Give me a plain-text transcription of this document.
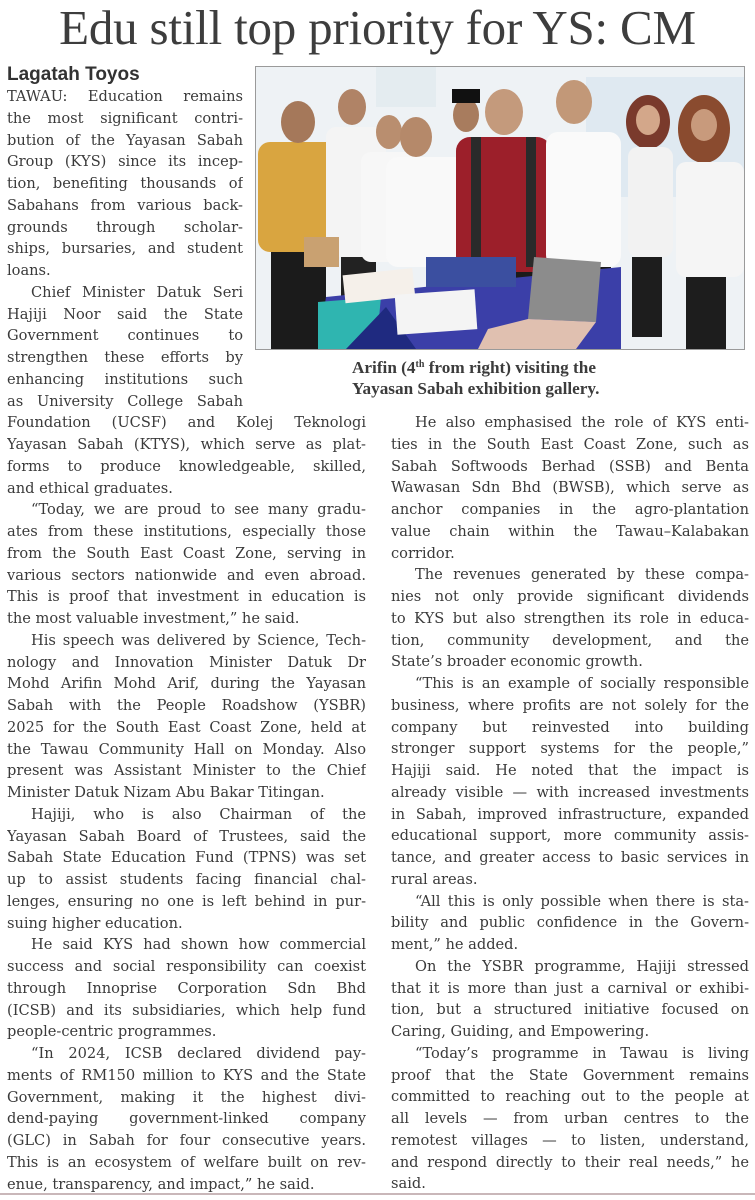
Edu still top priority for YS: CM
Lagatah Toyos
Arifin (4th from right) visiting the
Yayasan Sabah exhibition gallery.
TAWAU: Education remains
the most significant contri-
bution of the Yayasan Sabah
Group (KYS) since its incep-
tion, benefiting thousands of
Sabahans from various back-
grounds through scholar-
ships, bursaries, and student
loans.
Chief Minister Datuk Seri
Hajiji Noor said the State
Government continues to
strengthen these efforts by
enhancing institutions such
as University College Sabah
Foundation (UCSF) and Kolej Teknologi
Yayasan Sabah (KTYS), which serve as plat-
forms to produce knowledgeable, skilled,
and ethical graduates.
“Today, we are proud to see many gradu-
ates from these institutions, especially those
from the South East Coast Zone, serving in
various sectors nationwide and even abroad.
This is proof that investment in education is
the most valuable investment,” he said.
His speech was delivered by Science, Tech-
nology and Innovation Minister Datuk Dr
Mohd Arifin Mohd Arif, during the Yayasan
Sabah with the People Roadshow (YSBR)
2025 for the South East Coast Zone, held at
the Tawau Community Hall on Monday. Also
present was Assistant Minister to the Chief
Minister Datuk Nizam Abu Bakar Titingan.
Hajiji, who is also Chairman of the
Yayasan Sabah Board of Trustees, said the
Sabah State Education Fund (TPNS) was set
up to assist students facing financial chal-
lenges, ensuring no one is left behind in pur-
suing higher education.
He said KYS had shown how commercial
success and social responsibility can coexist
through Innoprise Corporation Sdn Bhd
(ICSB) and its subsidiaries, which help fund
people-centric programmes.
“In 2024, ICSB declared dividend pay-
ments of RM150 million to KYS and the State
Government, making it the highest divi-
dend-paying government-linked company
(GLC) in Sabah for four consecutive years.
This is an ecosystem of welfare built on rev-
enue, transparency, and impact,” he said.
He also emphasised the role of KYS enti-
ties in the South East Coast Zone, such as
Sabah Softwoods Berhad (SSB) and Benta
Wawasan Sdn Bhd (BWSB), which serve as
anchor companies in the agro-plantation
value chain within the Tawau–Kalabakan
corridor.
The revenues generated by these compa-
nies not only provide significant dividends
to KYS but also strengthen its role in educa-
tion, community development, and the
State’s broader economic growth.
“This is an example of socially responsible
business, where profits are not solely for the
company but reinvested into building
stronger support systems for the people,”
Hajiji said. He noted that the impact is
already visible — with increased investments
in Sabah, improved infrastructure, expanded
educational support, more community assis-
tance, and greater access to basic services in
rural areas.
“All this is only possible when there is sta-
bility and public confidence in the Govern-
ment,” he added.
On the YSBR programme, Hajiji stressed
that it is more than just a carnival or exhibi-
tion, but a structured initiative focused on
Caring, Guiding, and Empowering.
“Today’s programme in Tawau is living
proof that the State Government remains
committed to reaching out to the people at
all levels — from urban centres to the
remotest villages — to listen, understand,
and respond directly to their real needs,” he
said.
